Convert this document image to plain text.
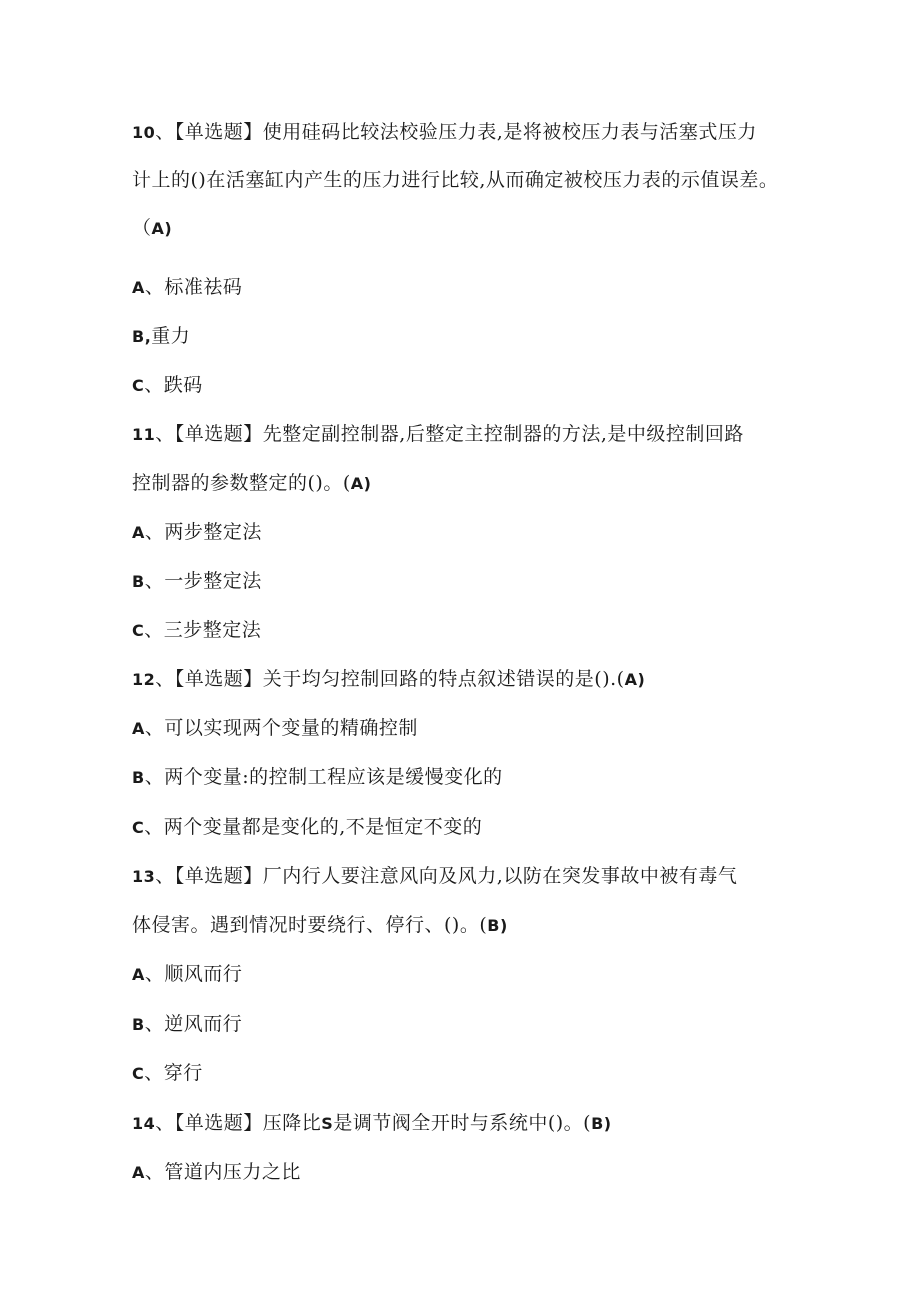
10、【单选题】使用硅码比较法校验压力表,是将被校压力表与活塞式压力
计上的()在活塞缸内产生的压力进行比较,从而确定被校压力表的示值误差。
（A)
A、标准祛码
B,重力
C、跌码
11、【单选题】先整定副控制器,后整定主控制器的方法,是中级控制回路
控制器的参数整定的()。(A)
A、两步整定法
B、一步整定法
C、三步整定法
12、【单选题】关于均匀控制回路的特点叙述错误的是().(A)
A、可以实现两个变量的精确控制
B、两个变量:的控制工程应该是缓慢变化的
C、两个变量都是变化的,不是恒定不变的
13、【单选题】厂内行人要注意风向及风力,以防在突发事故中被有毒气
体侵害。遇到情况时要绕行、停行、()。(B)
A、顺风而行
B、逆风而行
C、穿行
14、【单选题】压降比S是调节阀全开时与系统中()。(B)
A、管道内压力之比
